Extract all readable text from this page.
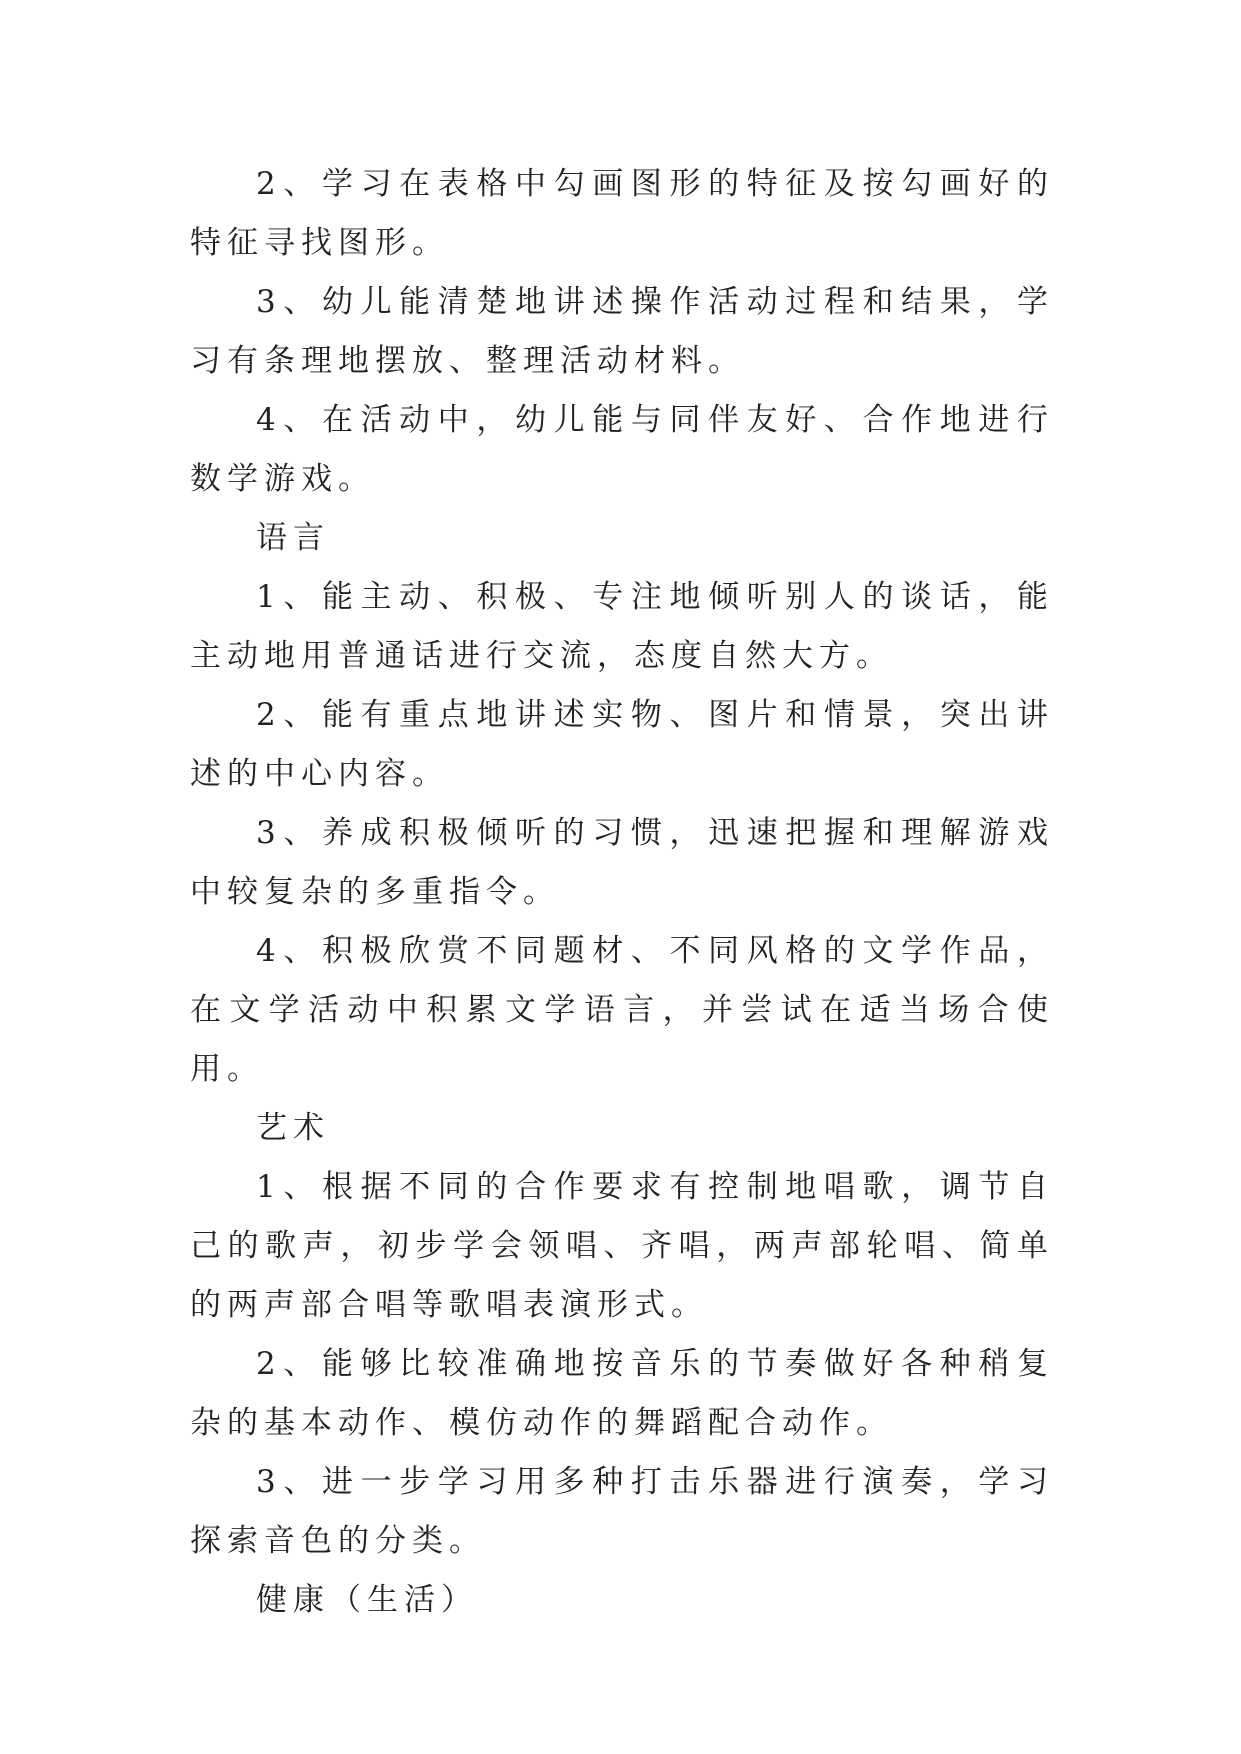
2、学习在表格中勾画图形的特征及按勾画好的特征寻找图形。

3、幼儿能清楚地讲述操作活动过程和结果，学习有条理地摆放、整理活动材料。

4、在活动中，幼儿能与同伴友好、合作地进行数学游戏。

语言

1、能主动、积极、专注地倾听别人的谈话，能主动地用普通话进行交流，态度自然大方。

2、能有重点地讲述实物、图片和情景，突出讲述的中心内容。

3、养成积极倾听的习惯，迅速把握和理解游戏中较复杂的多重指令。

4、积极欣赏不同题材、不同风格的文学作品，在文学活动中积累文学语言，并尝试在适当场合使用。

艺术

1、根据不同的合作要求有控制地唱歌，调节自己的歌声，初步学会领唱、齐唱，两声部轮唱、简单的两声部合唱等歌唱表演形式。

2、能够比较准确地按音乐的节奏做好各种稍复杂的基本动作、模仿动作的舞蹈配合动作。

3、进一步学习用多种打击乐器进行演奏，学习探索音色的分类。

健康（生活）
